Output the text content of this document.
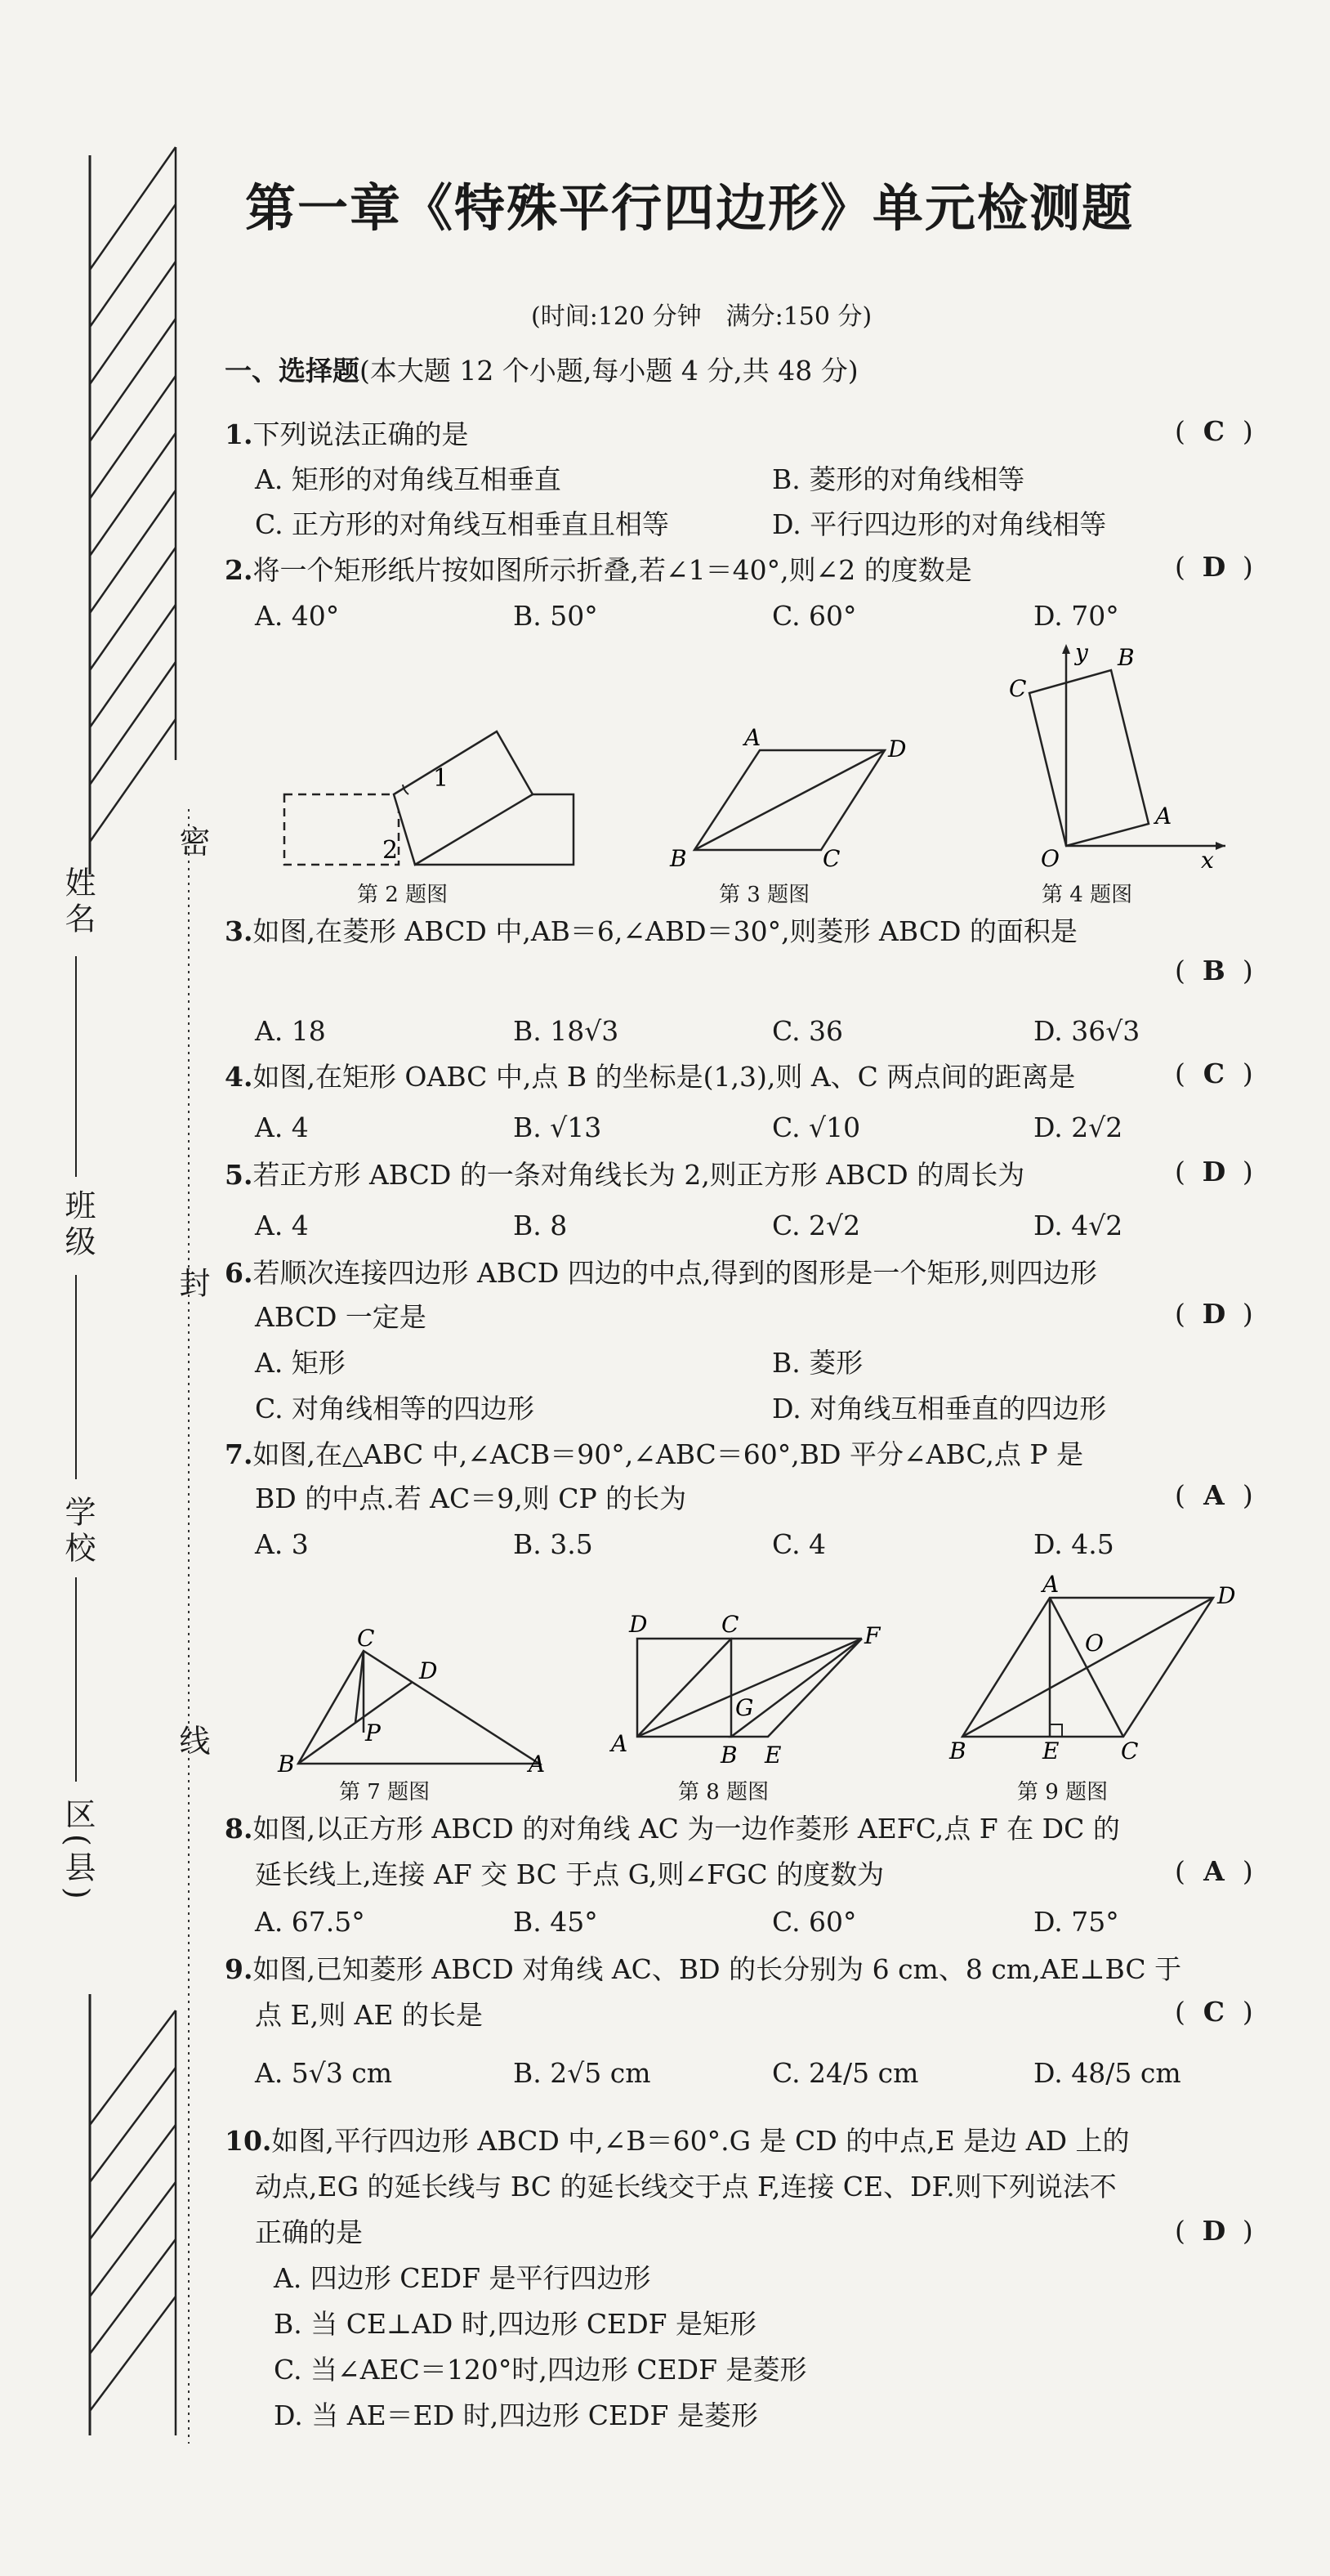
姓名
班级
学校
区(县)
密
封
线
第一章《特殊平行四边形》单元检测题
(时间:120 分钟　满分:150 分)
一、选择题(本大题 12 个小题,每小题 4 分,共 48 分)
1.下列说法正确的是	( C )
A. 矩形的对角线互相垂直	B. 菱形的对角线相等
C. 正方形的对角线互相垂直且相等	D. 平行四边形的对角线相等
2.将一个矩形纸片按如图所示折叠,若∠1＝40°,则∠2 的度数是	( D )
A. 40°	B. 50°	C. 60°	D. 70°
1
2
第 2 题图
A
B	C
D
第 3 题图
y B
C
A
O	x
第 4 题图
3.如图,在菱形 ABCD 中,AB＝6,∠ABD＝30°,则菱形 ABCD 的面积是
( B )
A. 18	B. 18√3	C. 36	D. 36√3
4.如图,在矩形 OABC 中,点 B 的坐标是(1,3),则 A、C 两点间的距离是	( C )
A. 4	B. √13	C. √10	D. 2√2
5.若正方形 ABCD 的一条对角线长为 2,则正方形 ABCD 的周长为	( D )
A. 4	B. 8	C. 2√2	D. 4√2
6.若顺次连接四边形 ABCD 四边的中点,得到的图形是一个矩形,则四边形
ABCD 一定是	( D )
A. 矩形	B. 菱形
C. 对角线相等的四边形	D. 对角线互相垂直的四边形
7.如图,在△ABC 中,∠ACB＝90°,∠ABC＝60°,BD 平分∠ABC,点 P 是
BD 的中点.若 AC＝9,则 CP 的长为	( A )
A. 3	B. 3.5	C. 4	D. 4.5
C
D
P
B	A
第 7 题图
D	C	F
A
G
B E
第 8 题图
A	D
O
B	E	C
第 9 题图
8.如图,以正方形 ABCD 的对角线 AC 为一边作菱形 AEFC,点 F 在 DC 的
延长线上,连接 AF 交 BC 于点 G,则∠FGC 的度数为	( A )
A. 67.5°	B. 45°	C. 60°	D. 75°
9.如图,已知菱形 ABCD 对角线 AC、BD 的长分别为 6 cm、8 cm,AE⊥BC 于
点 E,则 AE 的长是	( C )
A. 5√3 cm	B. 2√5 cm	C. 24/5 cm	D. 48/5 cm
10.如图,平行四边形 ABCD 中,∠B＝60°.G 是 CD 的中点,E 是边 AD 上的
动点,EG 的延长线与 BC 的延长线交于点 F,连接 CE、DF.则下列说法不
正确的是	( D )
A. 四边形 CEDF 是平行四边形
B. 当 CE⊥AD 时,四边形 CEDF 是矩形
C. 当∠AEC＝120°时,四边形 CEDF 是菱形
D. 当 AE＝ED 时,四边形 CEDF 是菱形
